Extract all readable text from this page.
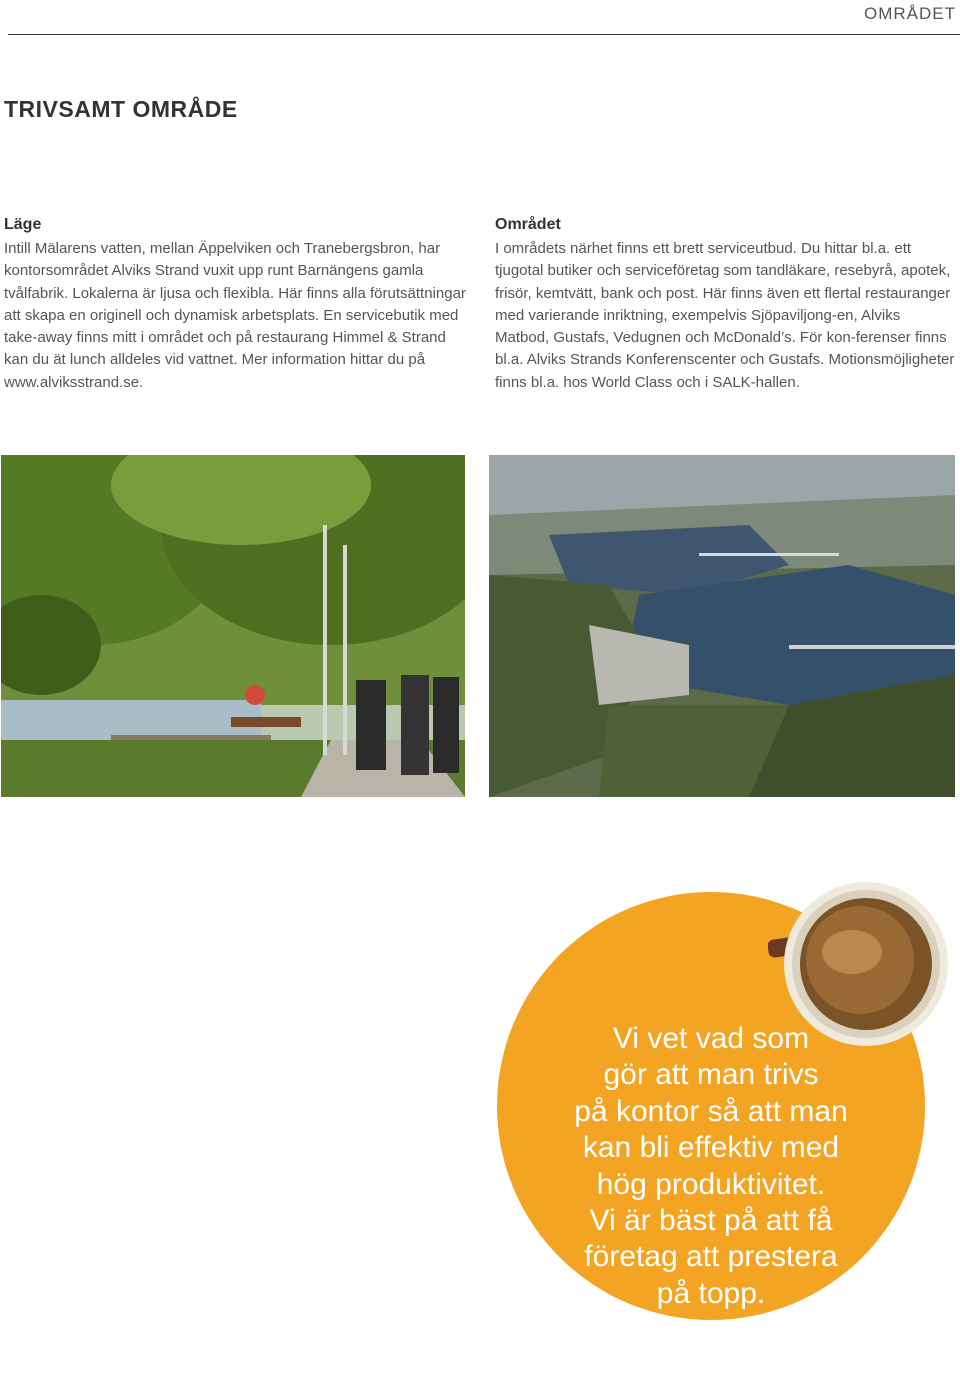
OMRÅDET
TRIVSAMT OMRÅDE
Läge

Intill Mälarens vatten, mellan Äppelviken och Tranebergsbron, har kontorsområdet Alviks Strand vuxit upp runt Barnängens gamla tvålfabrik. Lokalerna är ljusa och flexibla. Här finns alla förutsättningar att skapa en originell och dynamisk arbetsplats. En servicebutik med take-away finns mitt i området och på restaurang Himmel & Strand kan du ät lunch alldeles vid vattnet. Mer information hittar du på www.alviksstrand.se.

Området

I områdets närhet finns ett brett serviceutbud. Du hittar bl.a. ett tjugotal butiker och serviceföretag som tandläkare, resebyrå, apotek, frisör, kemtvätt, bank och post. Här finns även ett flertal restauranger med varierande inriktning, exempelvis Sjöpaviljong-en, Alviks Matbod, Gustafs, Vedugnen och McDonald’s. För kon-ferenser finns bl.a. Alviks Strands Konferenscenter och Gustafs. Motionsmöjligheter finns bl.a. hos World Class och i SALK-hallen.

Vi vet vad som
gör att man trivs
på kontor så att man
kan bli effektiv med
hög produktivitet.
Vi är bäst på att få
företag att prestera
på topp.
